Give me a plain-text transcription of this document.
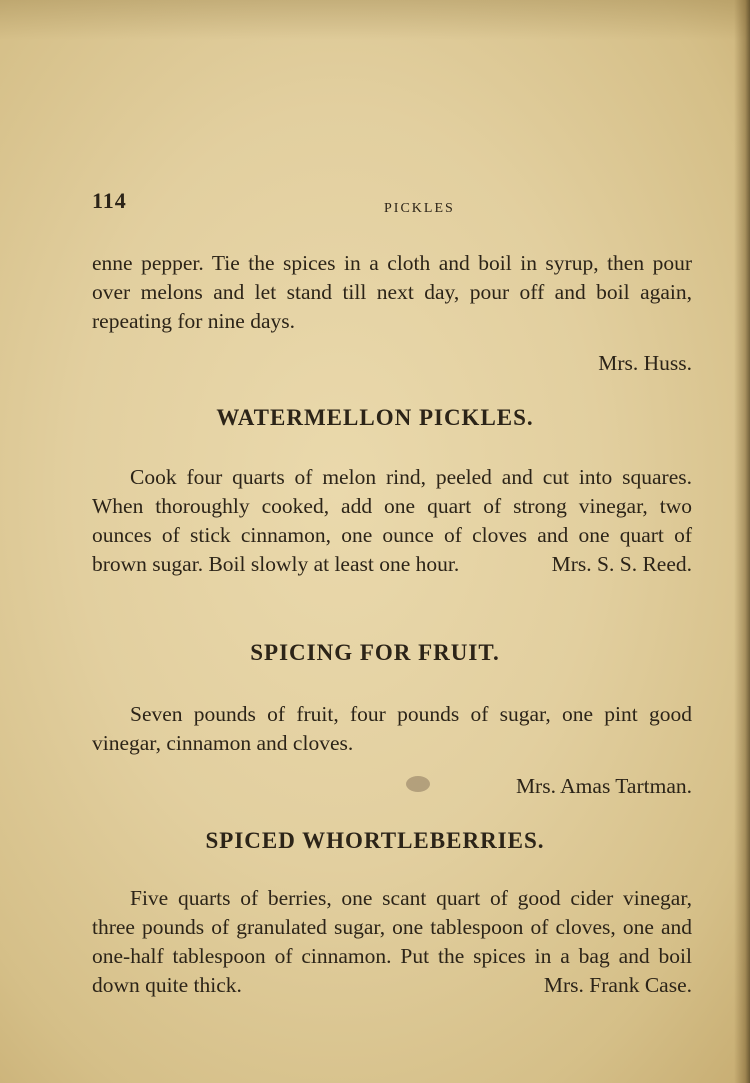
114	PICKLES

enne pepper. Tie the spices in a cloth and boil in syrup, then pour over melons and let stand till next day, pour off and boil again, repeating for nine days.

Mrs. Huss.

WATERMELLON PICKLES.

Cook four quarts of melon rind, peeled and cut into squares. When thoroughly cooked, add one quart of strong vinegar, two ounces of stick cinnamon, one ounce of cloves and one quart of brown sugar. Boil slowly at least one hour.	Mrs. S. S. Reed.

SPICING FOR FRUIT.

Seven pounds of fruit, four pounds of sugar, one pint good vinegar, cinnamon and cloves.

Mrs. Amas Tartman.

SPICED WHORTLEBERRIES.

Five quarts of berries, one scant quart of good cider vinegar, three pounds of granulated sugar, one tablespoon of cloves, one and one-half tablespoon of cinnamon. Put the spices in a bag and boil down quite thick.	Mrs. Frank Case.
